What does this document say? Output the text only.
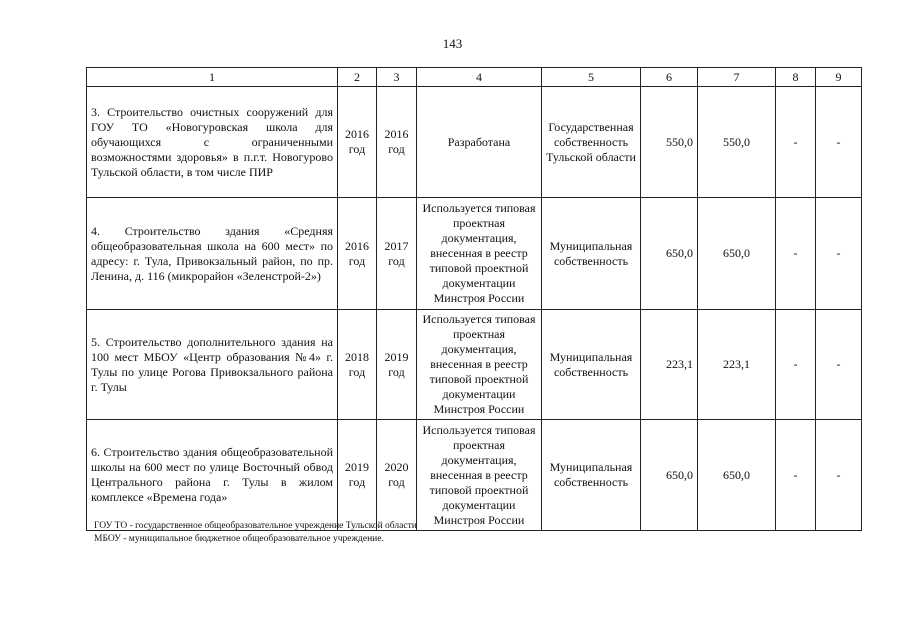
143
1	2	3	4	5	6	7	8	9
3. Строительство очистных сооружений для ГОУ ТО «Новогуровская школа для обучающихся с ограниченными возможностями здоровья» в п.г.т. Новогурово Тульской области, в том числе ПИР	2016 год	2016 год	Разработана	Государственная собственность Тульской области	550,0	550,0	-	-
4. Строительство здания «Средняя общеобразовательная школа на 600 мест» по адресу: г. Тула, Привокзальный район, по пр. Ленина, д. 116 (микрорайон «Зеленстрой-2»)	2016 год	2017 год	Используется типовая проектная документация, внесенная в реестр типовой проектной документации Минстроя России	Муниципальная собственность	650,0	650,0	-	-
5. Строительство дополнительного здания на 100 мест МБОУ «Центр образования №4» г. Тулы по улице Рогова Привокзального района г. Тулы	2018 год	2019 год	Используется типовая проектная документация, внесенная в реестр типовой проектной документации Минстроя России	Муниципальная собственность	223,1	223,1	-	-
6. Строительство здания общеобразовательной школы на 600 мест по улице Восточный обвод Центрального района г. Тулы в жилом комплексе «Времена года»	2019 год	2020 год	Используется типовая проектная документация, внесенная в реестр типовой проектной документации Минстроя России	Муниципальная собственность	650,0	650,0	-	-
ГОУ ТО - государственное общеобразовательное учреждение Тульской области
МБОУ - муниципальное бюджетное общеобразовательное учреждение.
